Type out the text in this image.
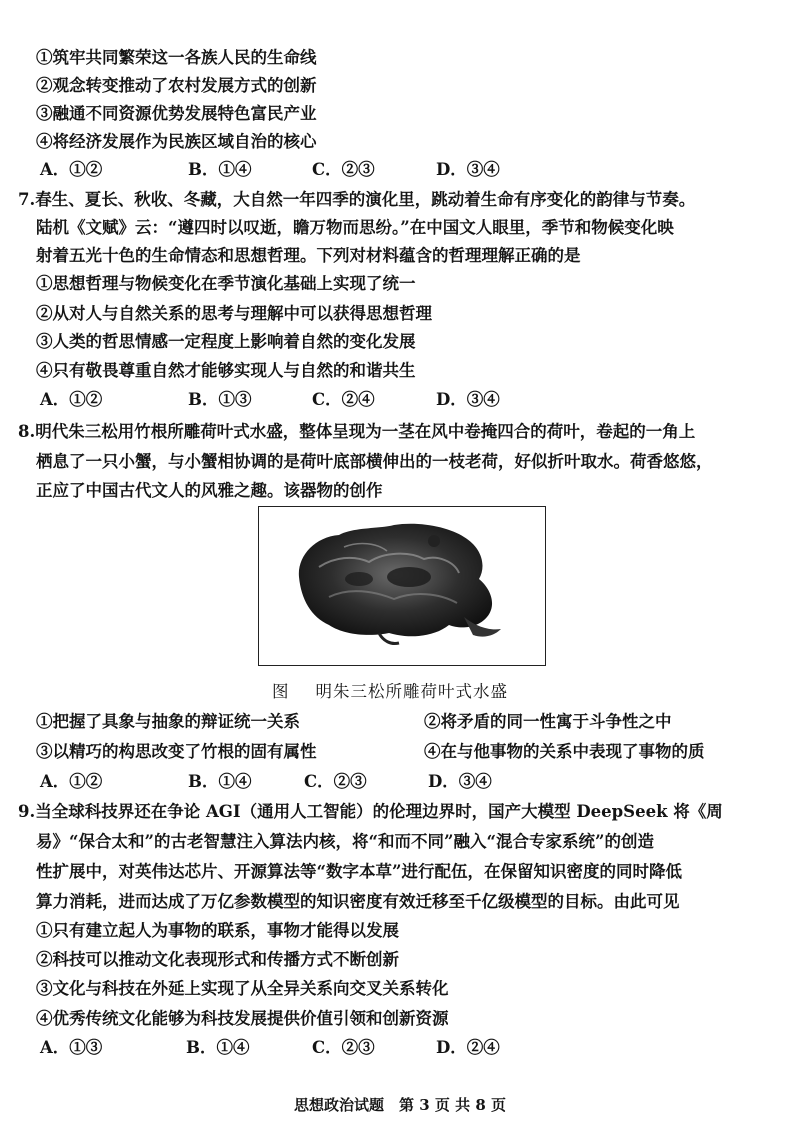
①筑牢共同繁荣这一各族人民的生命线
②观念转变推动了农村发展方式的创新
③融通不同资源优势发展特色富民产业
④将经济发展作为民族区域自治的核心
A．①②	B．①④	C．②③	D．③④
7.春生、夏长、秋收、冬藏，大自然一年四季的演化里，跳动着生命有序变化的韵律与节奏。
陆机《文赋》云：“遵四时以叹逝，瞻万物而思纷。”在中国文人眼里，季节和物候变化映
射着五光十色的生命情态和思想哲理。下列对材料蕴含的哲理理解正确的是
①思想哲理与物候变化在季节演化基础上实现了统一
②从对人与自然关系的思考与理解中可以获得思想哲理
③人类的哲思情感一定程度上影响着自然的变化发展
④只有敬畏尊重自然才能够实现人与自然的和谐共生
A．①②	B．①③	C．②④	D．③④
8.明代朱三松用竹根所雕荷叶式水盛，整体呈现为一茎在风中卷掩四合的荷叶，卷起的一角上
栖息了一只小蟹，与小蟹相协调的是荷叶底部横伸出的一枝老荷，好似折叶取水。荷香悠悠，
正应了中国古代文人的风雅之趣。该器物的创作
图 明朱三松所雕荷叶式水盛
①把握了具象与抽象的辩证统一关系	②将矛盾的同一性寓于斗争性之中
③以精巧的构思改变了竹根的固有属性	④在与他事物的关系中表现了事物的质
A．①②	B．①④	C．②③	D．③④
9.当全球科技界还在争论 AGI（通用人工智能）的伦理边界时，国产大模型 DeepSeek 将《周
易》“保合太和”的古老智慧注入算法内核，将“和而不同”融入“混合专家系统”的创造
性扩展中，对英伟达芯片、开源算法等“数字本草”进行配伍，在保留知识密度的同时降低
算力消耗，进而达成了万亿参数模型的知识密度有效迁移至千亿级模型的目标。由此可见
①只有建立起人为事物的联系，事物才能得以发展
②科技可以推动文化表现形式和传播方式不断创新
③文化与科技在外延上实现了从全异关系向交叉关系转化
④优秀传统文化能够为科技发展提供价值引领和创新资源
A．①③	B．①④	C．②③	D．②④
思想政治试题　第 3 页 共 8 页
